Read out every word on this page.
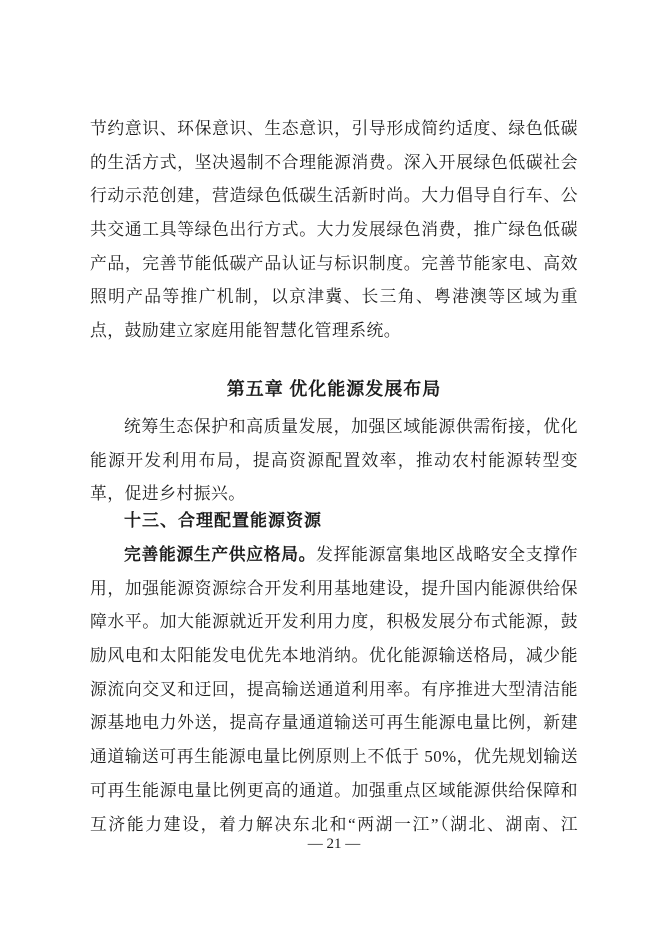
节约意识、环保意识、生态意识，引导形成简约适度、绿色低碳
的生活方式，坚决遏制不合理能源消费。深入开展绿色低碳社会
行动示范创建，营造绿色低碳生活新时尚。大力倡导自行车、公
共交通工具等绿色出行方式。大力发展绿色消费，推广绿色低碳
产品，完善节能低碳产品认证与标识制度。完善节能家电、高效
照明产品等推广机制，以京津冀、长三角、粤港澳等区域为重
点，鼓励建立家庭用能智慧化管理系统。
第五章 优化能源发展布局
统筹生态保护和高质量发展，加强区域能源供需衔接，优化
能源开发利用布局，提高资源配置效率，推动农村能源转型变
革，促进乡村振兴。
十三、合理配置能源资源
完善能源生产供应格局。发挥能源富集地区战略安全支撑作
用，加强能源资源综合开发利用基地建设，提升国内能源供给保
障水平。加大能源就近开发利用力度，积极发展分布式能源，鼓
励风电和太阳能发电优先本地消纳。优化能源输送格局，减少能
源流向交叉和迂回，提高输送通道利用率。有序推进大型清洁能
源基地电力外送，提高存量通道输送可再生能源电量比例，新建
通道输送可再生能源电量比例原则上不低于 50%，优先规划输送
可再生能源电量比例更高的通道。加强重点区域能源供给保障和
互济能力建设，着力解决东北和“两湖一江”（湖北、湖南、江
— 21 —
